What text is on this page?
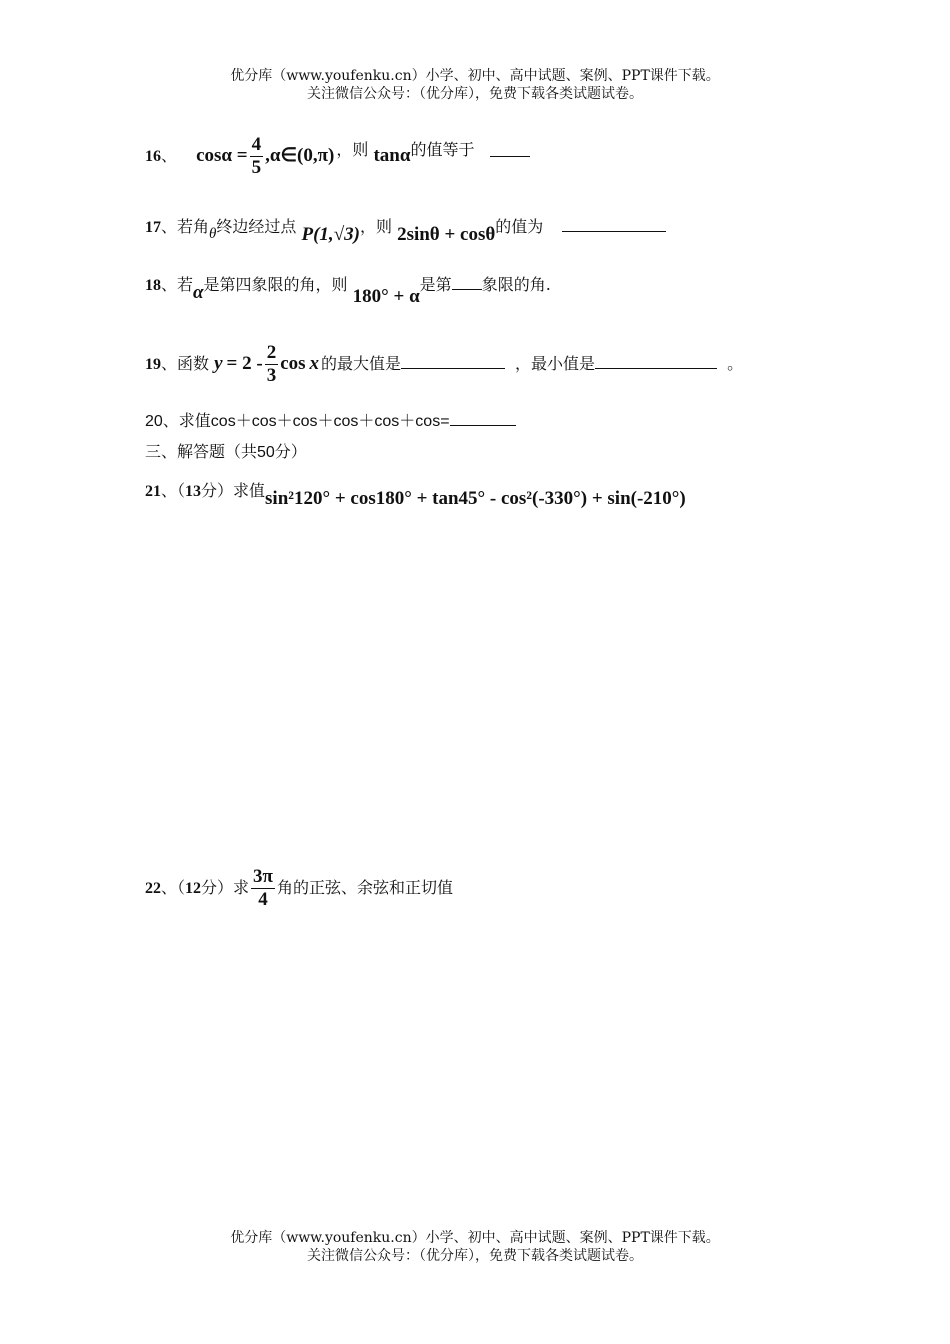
优分库（www.youfenku.cn）小学、初中、高中试题、案例、PPT课件下载。
关注微信公众号：（优分库），免费下载各类试题试卷。
16、 $\cos\alpha = \frac{4}{5}$ ,α∈(0,π) ，则 tanα的值等于
17、若角θ终边经过点 P(1,√3)，则 2sinθ + cosθ的值为
18、若α是第四象限的角，则 180° + α是第 象限的角.
19、函数 $y = 2 - \frac{2}{3}$ cos x 的最大值是	，最小值是	。
20、求值cos＋cos＋cos＋cos＋cos＋cos=
三、解答题（共50分）
21、（13分）求值sin²120° + cos180° + tan45° - cos²(-330°) + sin(-210°)
22、（12分）求 $\frac{3\pi}{4}$ 角的正弦、余弦和正切值
优分库（www.youfenku.cn）小学、初中、高中试题、案例、PPT课件下载。
关注微信公众号：（优分库），免费下载各类试题试卷。
